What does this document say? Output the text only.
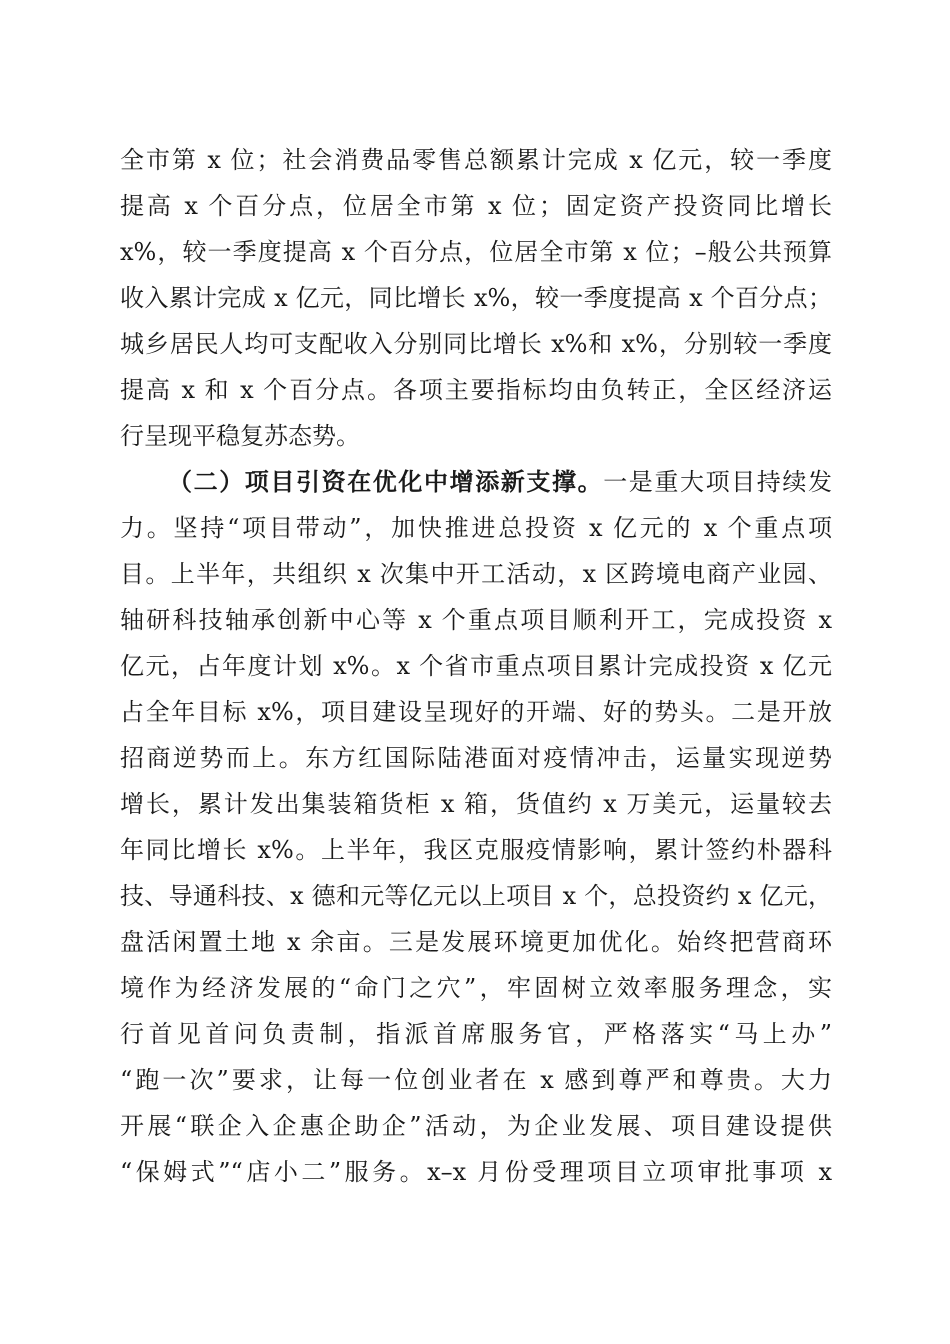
全市第 x 位；社会消费品零售总额累计完成 x 亿元，较一季度
提高 x 个百分点，位居全市第 x 位；固定资产投资同比增长
x%，较一季度提高 x 个百分点，位居全市第 x 位；–般公共预算
收入累计完成 x 亿元，同比增长 x%，较一季度提高 x 个百分点；
城乡居民人均可支配收入分别同比增长 x%和 x%，分别较一季度
提高 x 和 x 个百分点。各项主要指标均由负转正，全区经济运
行呈现平稳复苏态势。
（二）项目引资在优化中增添新支撑。一是重大项目持续发
力。坚持“项目带动”，加快推进总投资 x 亿元的 x 个重点项
目。上半年，共组织 x 次集中开工活动，x 区跨境电商产业园、
轴研科技轴承创新中心等 x 个重点项目顺利开工，完成投资 x
亿元，占年度计划 x%。x 个省市重点项目累计完成投资 x 亿元
占全年目标 x%，项目建设呈现好的开端、好的势头。二是开放
招商逆势而上。东方红国际陆港面对疫情冲击，运量实现逆势
增长，累计发出集装箱货柜 x 箱，货值约 x 万美元，运量较去
年同比增长 x%。上半年，我区克服疫情影响，累计签约朴器科
技、导通科技、x 德和元等亿元以上项目 x 个，总投资约 x 亿元，
盘活闲置土地 x 余亩。三是发展环境更加优化。始终把营商环
境作为经济发展的“命门之穴”，牢固树立效率服务理念，实
行首见首问负责制，指派首席服务官，严格落实“马上办”
“跑一次”要求，让每一位创业者在 x 感到尊严和尊贵。大力
开展“联企入企惠企助企”活动，为企业发展、项目建设提供
“保姆式”“店小二”服务。x–x 月份受理项目立项审批事项 x
